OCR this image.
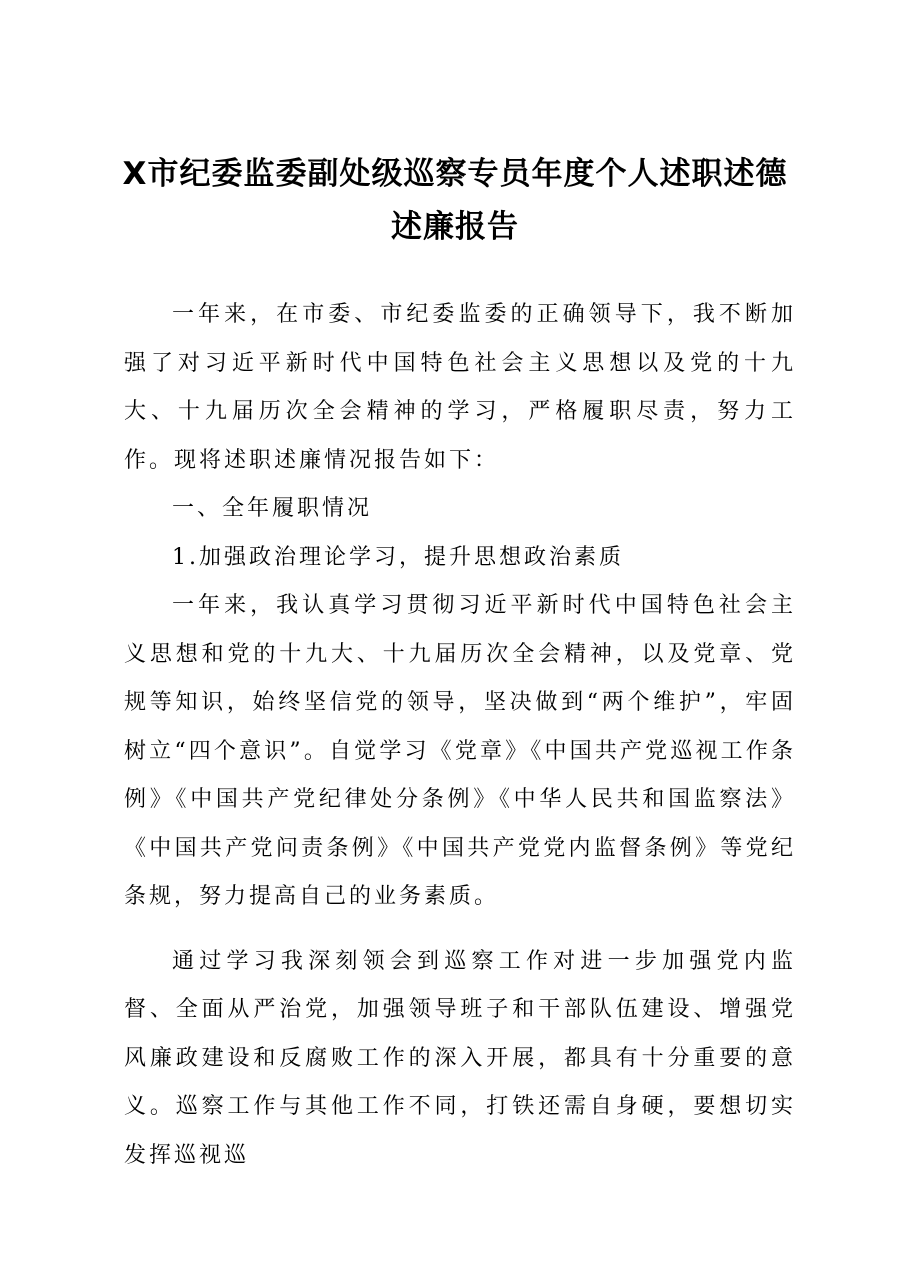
X市纪委监委副处级巡察专员年度个人述职述德述廉报告

一年来，在市委、市纪委监委的正确领导下，我不断加强了对习近平新时代中国特色社会主义思想以及党的十九大、十九届历次全会精神的学习，严格履职尽责，努力工作。现将述职述廉情况报告如下：

一、全年履职情况

1.加强政治理论学习，提升思想政治素质

一年来，我认真学习贯彻习近平新时代中国特色社会主义思想和党的十九大、十九届历次全会精神，以及党章、党规等知识，始终坚信党的领导，坚决做到“两个维护”，牢固树立“四个意识”。自觉学习《党章》《中国共产党巡视工作条例》《中国共产党纪律处分条例》《中华人民共和国监察法》《中国共产党问责条例》《中国共产党党内监督条例》等党纪条规，努力提高自己的业务素质。

通过学习我深刻领会到巡察工作对进一步加强党内监督、全面从严治党，加强领导班子和干部队伍建设、增强党风廉政建设和反腐败工作的深入开展，都具有十分重要的意义。巡察工作与其他工作不同，打铁还需自身硬，要想切实发挥巡视巡
